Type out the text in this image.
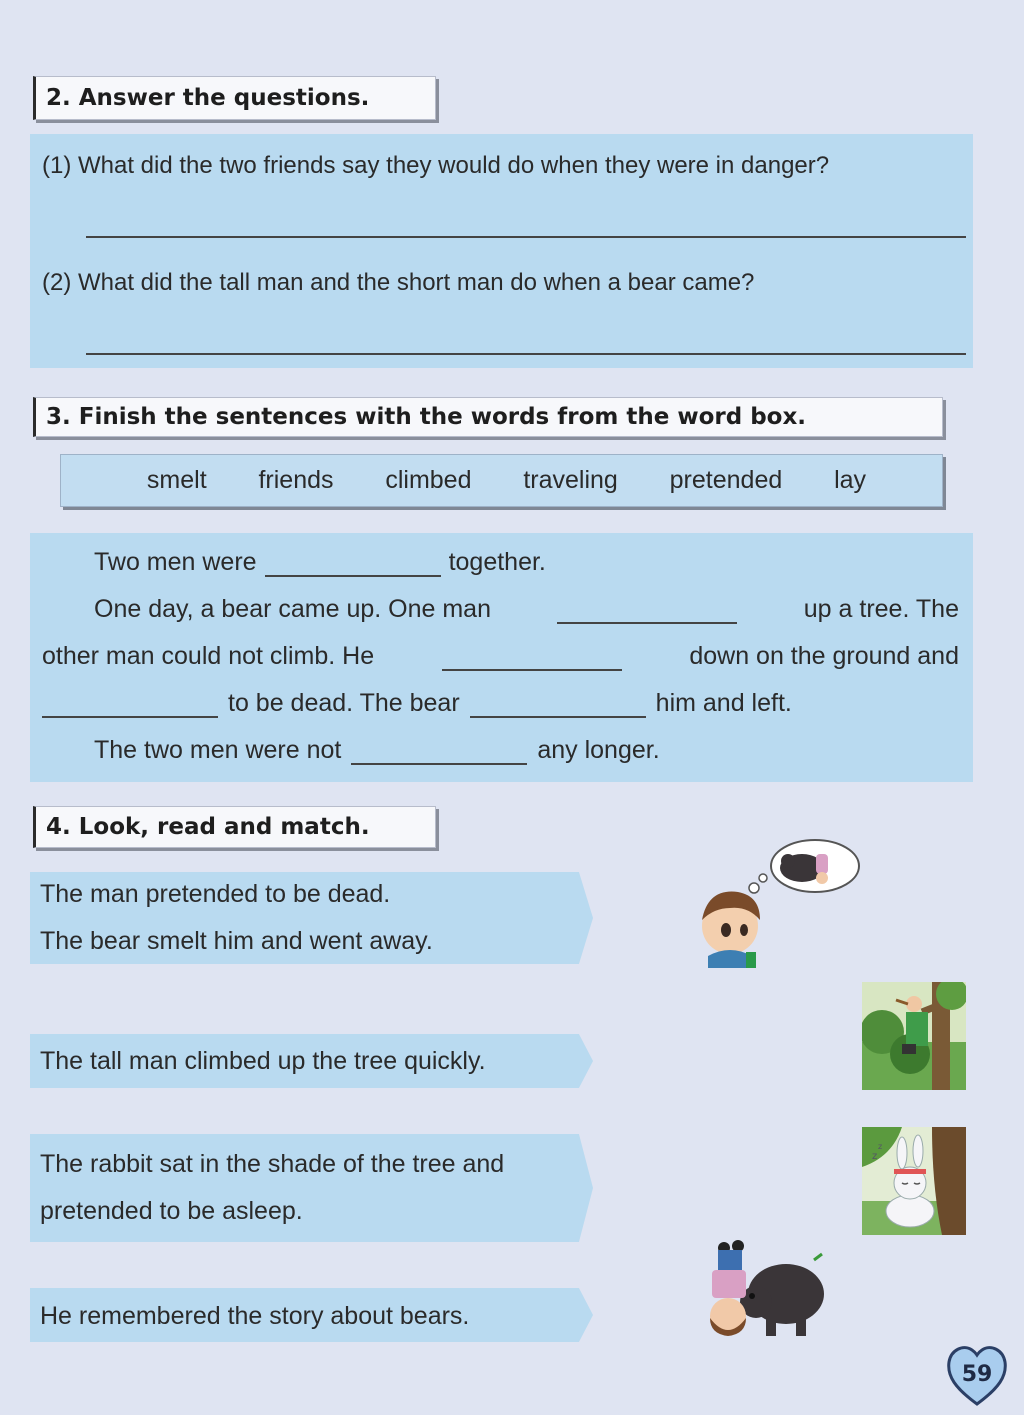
2. Answer the questions.
(1) What did the two friends say they would do when they were in danger?
(2) What did the tall man and the short man do when a bear came?
3. Finish the sentences with the words from the word box.
smelt friends climbed traveling pretended lay
Two men were	together.
One day, a bear came up. One man	up a tree. The
other man could not climb. He	down on the ground and
to be dead. The bear	him and left.
The two men were not	any longer.
4. Look, read and match.
The man pretended to be dead.
The bear smelt him and went away.
The tall man climbed up the tree quickly.
The rabbit sat in the shade of the tree and
pretended to be asleep.
He remembered the story about bears.
z
z
59
